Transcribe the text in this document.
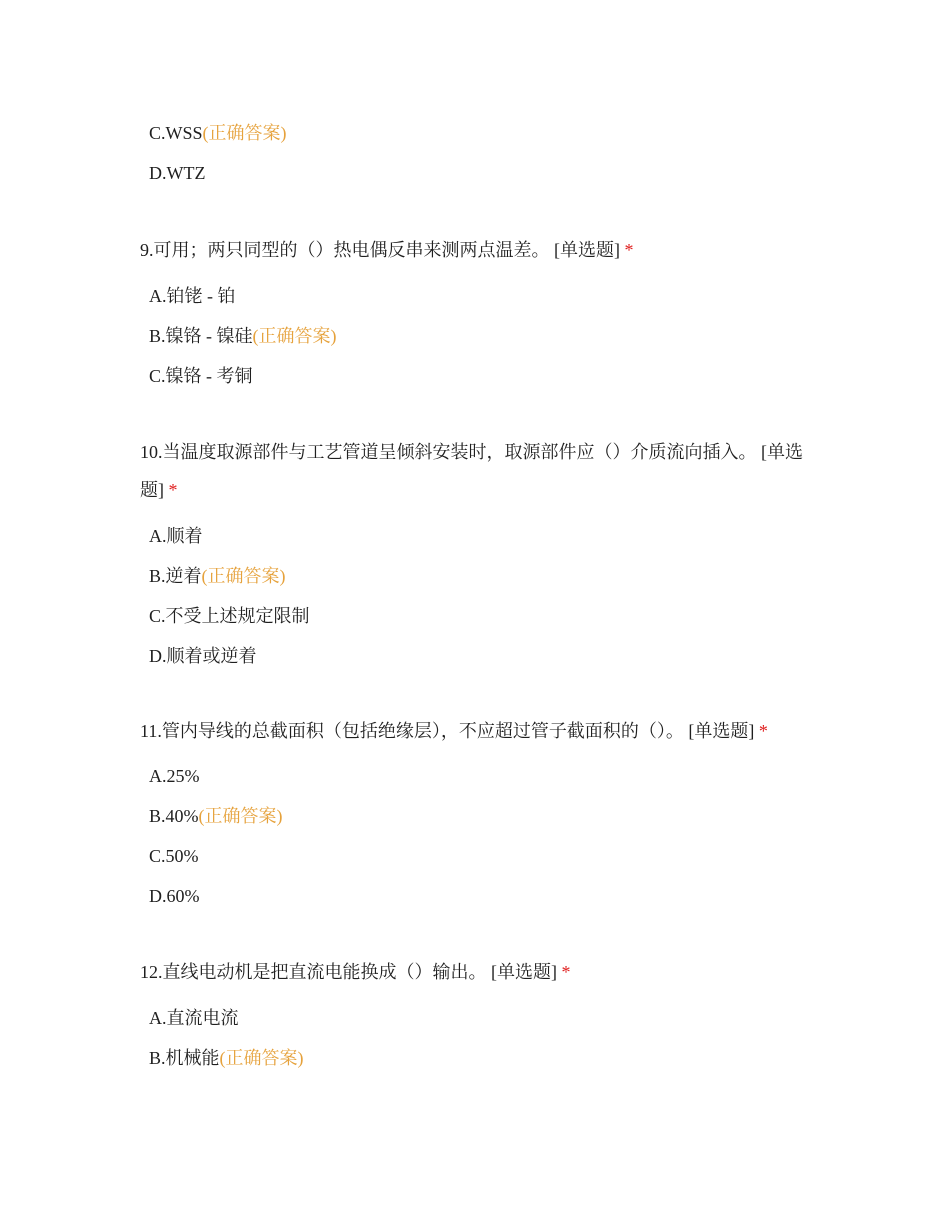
C.WSS(正确答案)
D.WTZ

9.可用；两只同型的（）热电偶反串来测两点温差。 [单选题] *

A.铂铑 - 铂
B.镍铬 - 镍硅(正确答案)
C.镍铬 - 考铜

10.当温度取源部件与工艺管道呈倾斜安装时，取源部件应（）介质流向插入。 [单选题] *

A.顺着
B.逆着(正确答案)
C.不受上述规定限制
D.顺着或逆着

11.管内导线的总截面积（包括绝缘层），不应超过管子截面积的（）。 [单选题] *

A.25%
B.40%(正确答案)
C.50%
D.60%

12.直线电动机是把直流电能换成（）输出。 [单选题] *

A.直流电流
B.机械能(正确答案)
